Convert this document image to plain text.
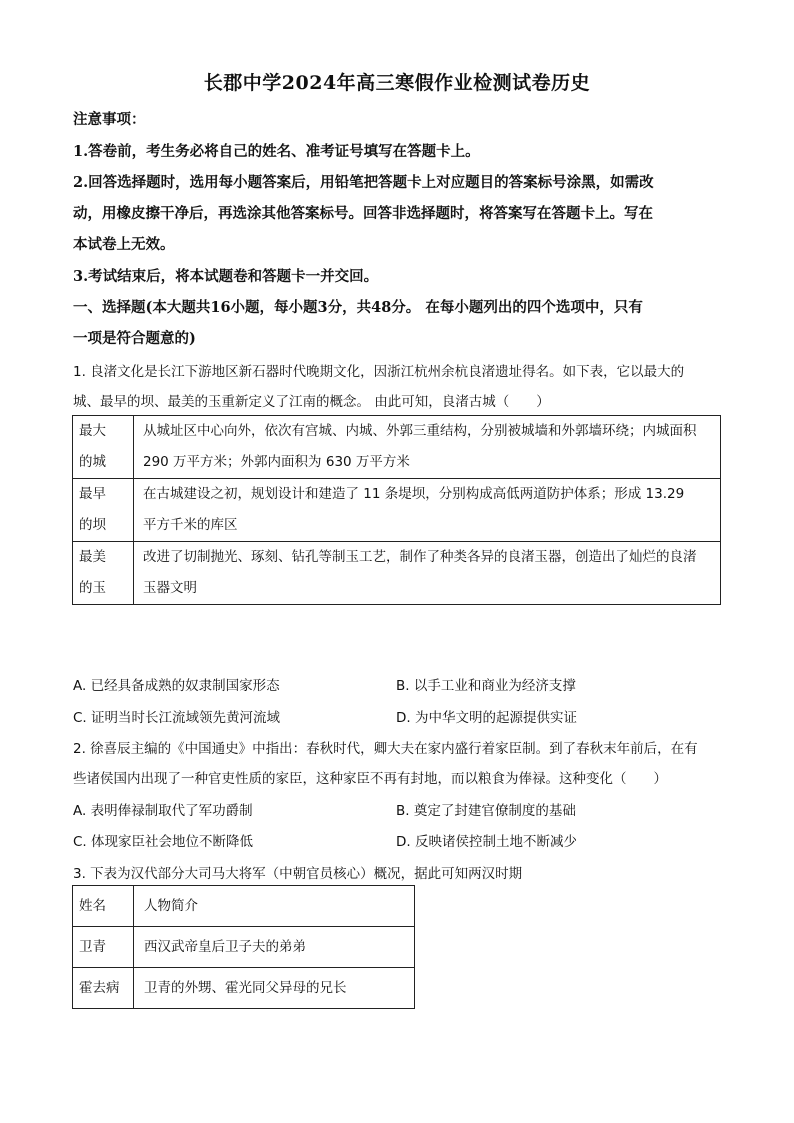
长郡中学2024年高三寒假作业检测试卷历史
注意事项：
1.答卷前，考生务必将自己的姓名、准考证号填写在答题卡上。
2.回答选择题时，选用每小题答案后，用铅笔把答题卡上对应题目的答案标号涂黑，如需改
动，用橡皮擦干净后，再选涂其他答案标号。回答非选择题时，将答案写在答题卡上。写在
本试卷上无效。
3.考试结束后，将本试题卷和答题卡一并交回。
一、选择题(本大题共16小题，每小题3分，共48分。 在每小题列出的四个选项中，只有
一项是符合题意的)
1. 良渚文化是长江下游地区新石器时代晚期文化，因浙江杭州余杭良渚遗址得名。如下表，它以最大的
城、最早的坝、最美的玉重新定义了江南的概念。 由此可知，良渚古城（　　）
最大
的城	从城址区中心向外，依次有宫城、内城、外郭三重结构，分别被城墙和外郭墙环绕；内城面积
290 万平方米；外郭内面积为 630 万平方米
最早
的坝	在古城建设之初，规划设计和建造了 11 条堤坝，分别构成高低两道防护体系；形成 13.29
平方千米的库区
最美
的玉	改进了切制抛光、琢刻、钻孔等制玉工艺，制作了种类各异的良渚玉器，创造出了灿烂的良渚
玉器文明
A. 已经具备成熟的奴隶制国家形态	B. 以手工业和商业为经济支撑
C. 证明当时长江流域领先黄河流域	D. 为中华文明的起源提供实证
2. 徐喜辰主编的《中国通史》中指出：春秋时代，卿大夫在家内盛行着家臣制。到了春秋末年前后，在有
些诸侯国内出现了一种官吏性质的家臣，这种家臣不再有封地，而以粮食为俸禄。这种变化（　　）
A. 表明俸禄制取代了军功爵制	B. 奠定了封建官僚制度的基础
C. 体现家臣社会地位不断降低	D. 反映诸侯控制土地不断减少
3. 下表为汉代部分大司马大将军（中朝官员核心）概况，据此可知两汉时期
姓名	人物简介
卫青	西汉武帝皇后卫子夫的弟弟
霍去病	卫青的外甥、霍光同父异母的兄长
